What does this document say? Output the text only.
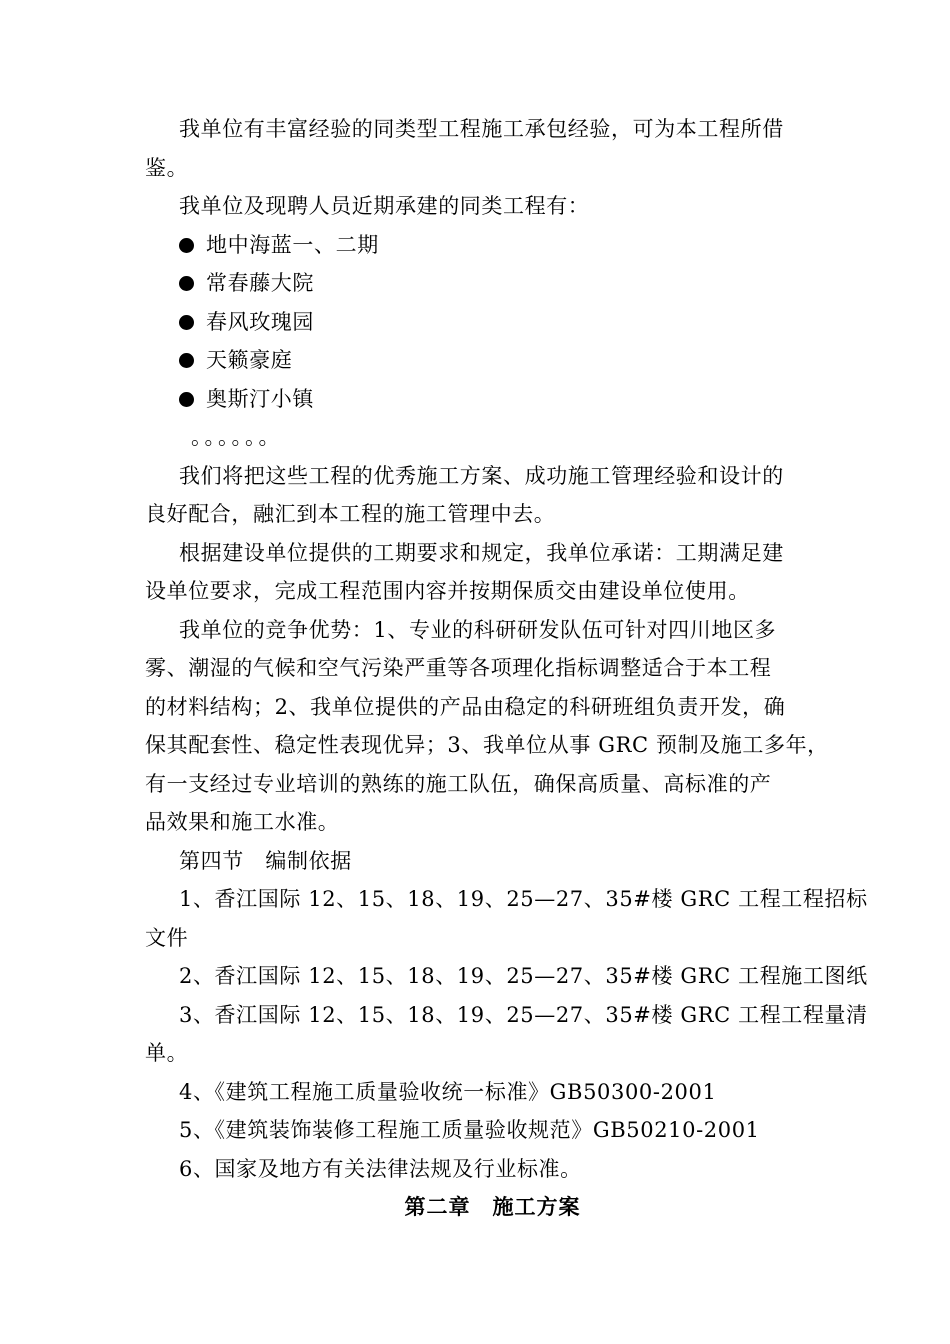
我单位有丰富经验的同类型工程施工承包经验，可为本工程所借
鉴。
我单位及现聘人员近期承建的同类工程有：
地中海蓝一、二期
常春藤大院
春风玫瑰园
天籁豪庭
奥斯汀小镇
。。。。。。
我们将把这些工程的优秀施工方案、成功施工管理经验和设计的
良好配合，融汇到本工程的施工管理中去。
根据建设单位提供的工期要求和规定，我单位承诺：工期满足建
设单位要求，完成工程范围内容并按期保质交由建设单位使用。
我单位的竞争优势：1、专业的科研研发队伍可针对四川地区多
雾、潮湿的气候和空气污染严重等各项理化指标调整适合于本工程
的材料结构；2、我单位提供的产品由稳定的科研班组负责开发，确
保其配套性、稳定性表现优异；3、我单位从事 GRC 预制及施工多年，
有一支经过专业培训的熟练的施工队伍，确保高质量、高标准的产
品效果和施工水准。
第四节　编制依据
1、香江国际 12、15、18、19、25—27、35#楼 GRC 工程工程招标
文件
2、香江国际 12、15、18、19、25—27、35#楼 GRC 工程施工图纸
3、香江国际 12、15、18、19、25—27、35#楼 GRC 工程工程量清
单。
4、《建筑工程施工质量验收统一标准》GB50300-2001
5、《建筑装饰装修工程施工质量验收规范》GB50210-2001
6、国家及地方有关法律法规及行业标准。
第二章　施工方案
